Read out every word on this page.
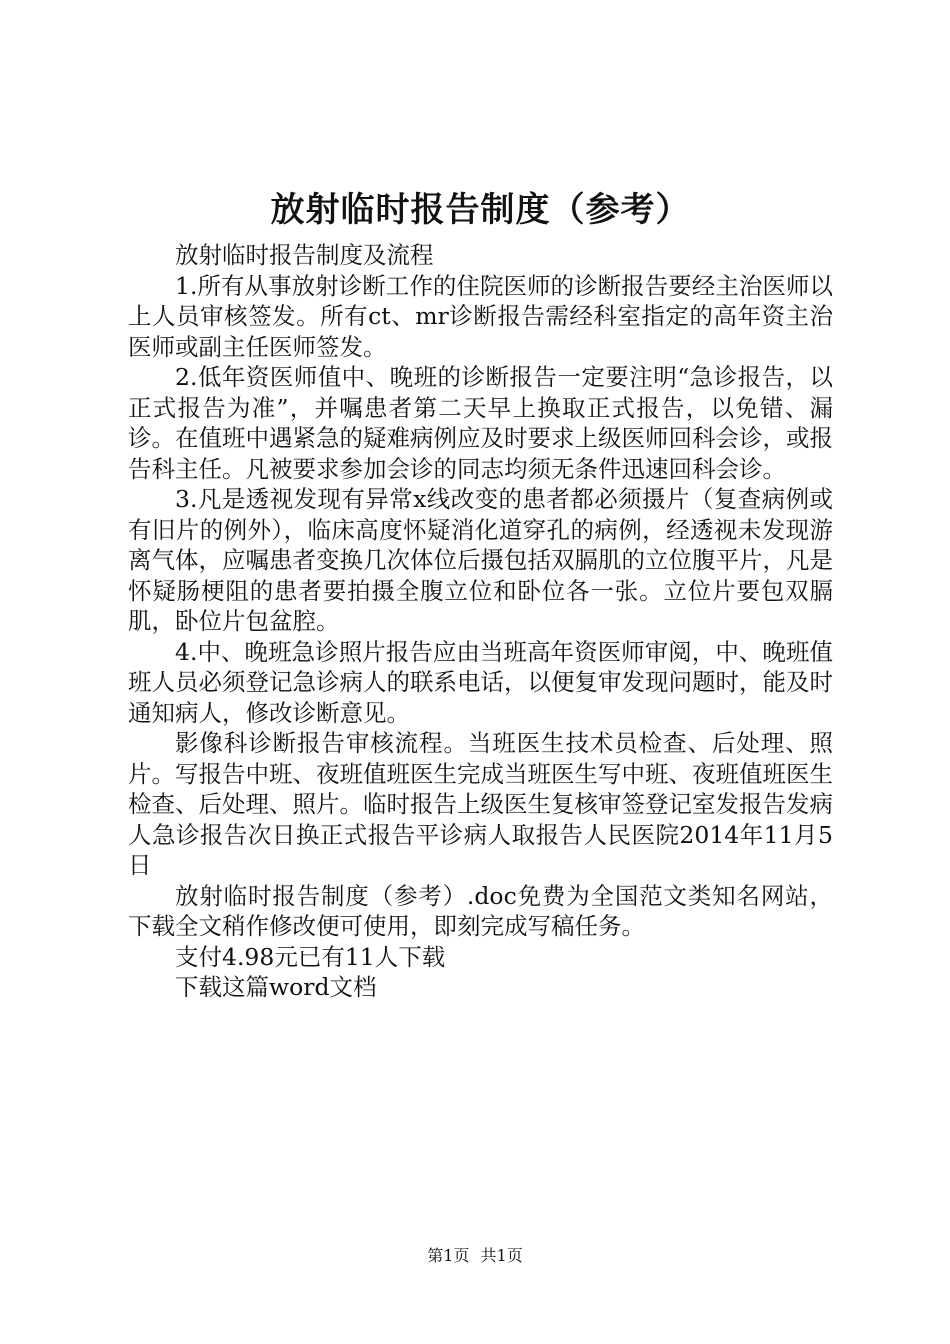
放射临时报告制度（参考）

放射临时报告制度及流程

1.所有从事放射诊断工作的住院医师的诊断报告要经主治医师以上人员审核签发。所有ct、mr诊断报告需经科室指定的高年资主治医师或副主任医师签发。

2.低年资医师值中、晚班的诊断报告一定要注明“急诊报告，以正式报告为准”，并嘱患者第二天早上换取正式报告，以免错、漏诊。在值班中遇紧急的疑难病例应及时要求上级医师回科会诊，或报告科主任。凡被要求参加会诊的同志均须无条件迅速回科会诊。

3.凡是透视发现有异常x线改变的患者都必须摄片（复查病例或有旧片的例外），临床高度怀疑消化道穿孔的病例，经透视未发现游离气体，应嘱患者变换几次体位后摄包括双膈肌的立位腹平片，凡是怀疑肠梗阻的患者要拍摄全腹立位和卧位各一张。立位片要包双膈肌，卧位片包盆腔。

4.中、晚班急诊照片报告应由当班高年资医师审阅，中、晚班值班人员必须登记急诊病人的联系电话，以便复审发现问题时，能及时通知病人，修改诊断意见。

影像科诊断报告审核流程。当班医生技术员检查、后处理、照片。写报告中班、夜班值班医生完成当班医生写中班、夜班值班医生检查、后处理、照片。临时报告上级医生复核审签登记室发报告发病人急诊报告次日换正式报告平诊病人取报告人民医院2014年11月5日

放射临时报告制度（参考）.doc免费为全国范文类知名网站，下载全文稍作修改便可使用，即刻完成写稿任务。

支付4.98元已有11人下载

下载这篇word文档

第1页 共1页
